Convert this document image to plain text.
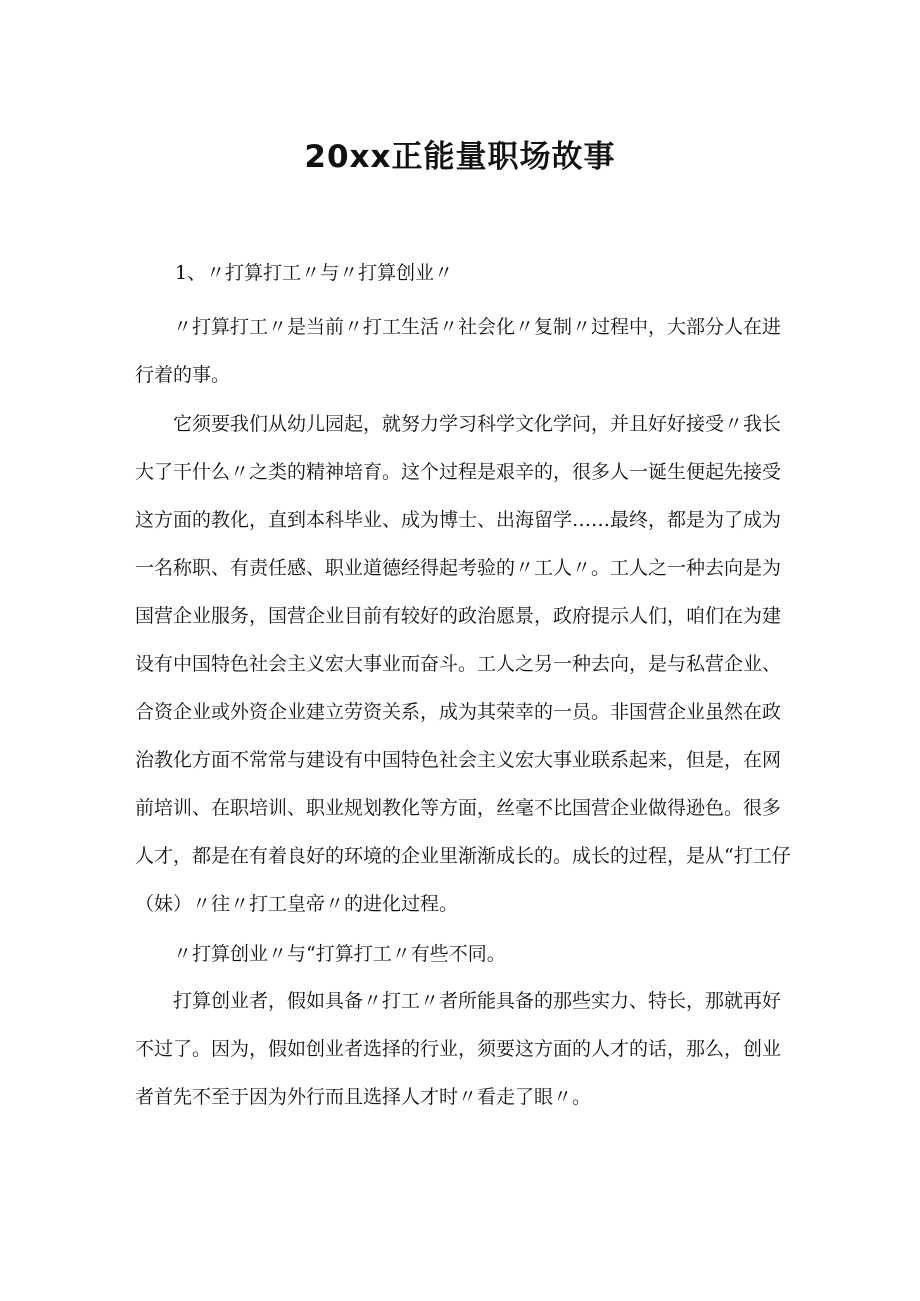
20xx正能量职场故事
1、〃打算打工〃与〃打算创业〃

〃打算打工〃是当前〃打工生活〃社会化〃复制〃过程中，大部分人在进行着的事。

它须要我们从幼儿园起，就努力学习科学文化学问，并且好好接受〃我长大了干什么〃之类的精神培育。这个过程是艰辛的，很多人一诞生便起先接受这方面的教化，直到本科毕业、成为博士、出海留学……最终，都是为了成为一名称职、有责任感、职业道德经得起考验的〃工人〃。工人之一种去向是为国营企业服务，国营企业目前有较好的政治愿景，政府提示人们，咱们在为建设有中国特色社会主义宏大事业而奋斗。工人之另一种去向，是与私营企业、合资企业或外资企业建立劳资关系，成为其荣幸的一员。非国营企业虽然在政治教化方面不常常与建设有中国特色社会主义宏大事业联系起来，但是，在网前培训、在职培训、职业规划教化等方面，丝毫不比国营企业做得逊色。很多人才，都是在有着良好的环境的企业里渐渐成长的。成长的过程，是从“打工仔（妹）〃往〃打工皇帝〃的进化过程。

〃打算创业〃与“打算打工〃有些不同。

打算创业者，假如具备〃打工〃者所能具备的那些实力、特长，那就再好不过了。因为，假如创业者选择的行业，须要这方面的人才的话，那么，创业者首先不至于因为外行而且选择人才时〃看走了眼〃。
